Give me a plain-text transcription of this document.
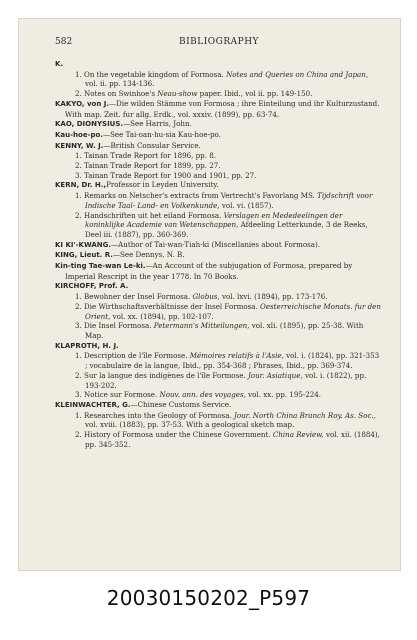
582	BIBLIOGRAPHY

K.

1. On the vegetable kingdom of Formosa. Notes and Queries on China and Japan, vol. ii. pp. 134-136.

2. Notes on Swinhoe's Neau-show paper. Ibid., vol ii. pp. 149-150.

KAKYO, von J.—Die wilden Stämme von Formosa ; ihre Einteilung und ihr Kulturzustand. With map. Zeit. fur allg. Erdk., vol. xxxiv. (1899), pp. 63-74.

KAO, DIONYSIUS.—See Harris, John.

Kau-hoe-po.—See Tai-oan-hu-sia Kau-hoe-po.

KENNY, W. J.—British Consular Service.

1. Tainan Trade Report for 1896, pp. 8.

2. Tainan Trade Report for 1899, pp. 27.

3. Tainan Trade Report for 1900 and 1901, pp. 27.

KERN, Dr. H.,Professor in Leyden University.

1. Remarks on Netscher's extracts from Vertrecht's Favorlang MS. Tijdschrift voor Indische Taal- Land- en Volkenkunde, vol. vi. (1857).

2. Handschriften uit het eiland Formosa. Verslagen en Mededeelingen der koninklijke Academie van Wetenschappen, Afdeeling Letterkunde, 3 de Reeks, Deel iii. (1887), pp. 360-369.

KI KI'-KWANG.—Author of Tai-wan-Tiah-ki (Miscellanies about Formosa).

KING, Lieut. R.—See Dennys, N. B.

Kin-ting Tae-wan Le-ki.—An Account of the subjugation of Formosa, prepared by Imperial Rescript in the year 1778. In 70 Books.

KIRCHOFF, Prof. A.

1. Bewohner der Insel Formosa. Globus, vol. lxvi. (1894), pp. 173-176.

2. Die Wirthschaftsverhältnisse der Insel Formosa. Oesterreichische Monats. fur den Orient, vol. xx. (1894), pp. 102-107.

3. Die Insel Formosa. Petermann's Mitteilungen, vol. xli. (1895), pp. 25-38. With Map.

KLAPROTH, H. J.

1. Description de l'île Formose. Mémoires relatifs à l'Asie, vol. i. (1824), pp. 321-353 ; vocabulaire de la langue, Ibid., pp. 354-368 ; Phrases, Ibid., pp. 369-374.

2. Sur la langue des indigènes de l'île Formose. Jour. Asiatique, vol. i. (1822), pp. 193-202.

3. Notice sur Formose. Nouv. ann. des voyages, vol. xx. pp. 195-224.

KLEINWACHTER, G.—Chinese Customs Service.

1. Researches into the Geology of Formosa. Jour. North China Branch Roy. As. Soc., vol. xviii. (1883), pp. 37-53. With a geological sketch map.

2. History of Formosa under the Chinese Government. China Review, vol. xii. (1884), pp. 345-352.

20030150202_P597
